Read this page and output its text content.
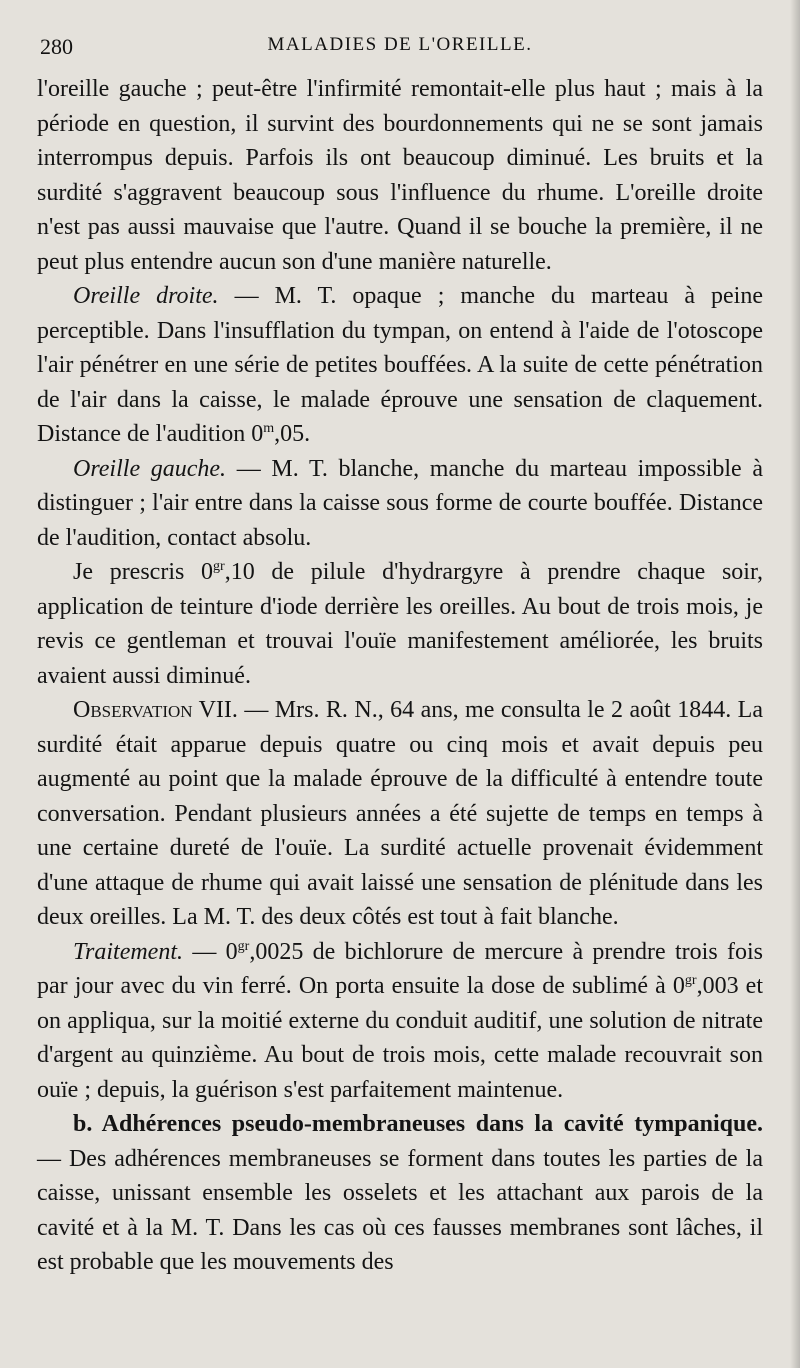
280	MALADIES DE L'OREILLE.

l'oreille gauche ; peut-être l'infirmité remontait-elle plus haut ; mais à la période en question, il survint des bourdonnements qui ne se sont jamais interrompus depuis. Parfois ils ont beaucoup diminué. Les bruits et la surdité s'aggravent beaucoup sous l'influence du rhume. L'oreille droite n'est pas aussi mauvaise que l'autre. Quand il se bouche la première, il ne peut plus entendre aucun son d'une manière naturelle.

Oreille droite. — M. T. opaque ; manche du marteau à peine perceptible. Dans l'insufflation du tympan, on entend à l'aide de l'otoscope l'air pénétrer en une série de petites bouffées. A la suite de cette pénétration de l'air dans la caisse, le malade éprouve une sensation de claquement. Distance de l'audition 0$^m$,05.

Oreille gauche. — M. T. blanche, manche du marteau impossible à distinguer ; l'air entre dans la caisse sous forme de courte bouffée. Distance de l'audition, contact absolu.

Je prescris $0^{gr},10$ de pilule d'hydrargyre à prendre chaque soir, application de teinture d'iode derrière les oreilles. Au bout de trois mois, je revis ce gentleman et trouvai l'ouïe manifestement améliorée, les bruits avaient aussi diminué.

Observation VII. — Mrs. R. N., 64 ans, me consulta le 2 août 1844. La surdité était apparue depuis quatre ou cinq mois et avait depuis peu augmenté au point que la malade éprouve de la difficulté à entendre toute conversation. Pendant plusieurs années a été sujette de temps en temps à une certaine dureté de l'ouïe. La surdité actuelle provenait évidemment d'une attaque de rhume qui avait laissé une sensation de plénitude dans les deux oreilles. La M. T. des deux côtés est tout à fait blanche.

Traitement. — $0^{gr},0025$ de bichlorure de mercure à prendre trois fois par jour avec du vin ferré. On porta ensuite la dose de sublimé à $0^{gr},003$ et on appliqua, sur la moitié externe du conduit auditif, une solution de nitrate d'argent au quinzième. Au bout de trois mois, cette malade recouvrait son ouïe ; depuis, la guérison s'est parfaitement maintenue.

b. Adhérences pseudo-membraneuses dans la cavité tympanique. — Des adhérences membraneuses se forment dans toutes les parties de la caisse, unissant ensemble les osselets et les attachant aux parois de la cavité et à la M. T. Dans les cas où ces fausses membranes sont lâches, il est probable que les mouvements des
